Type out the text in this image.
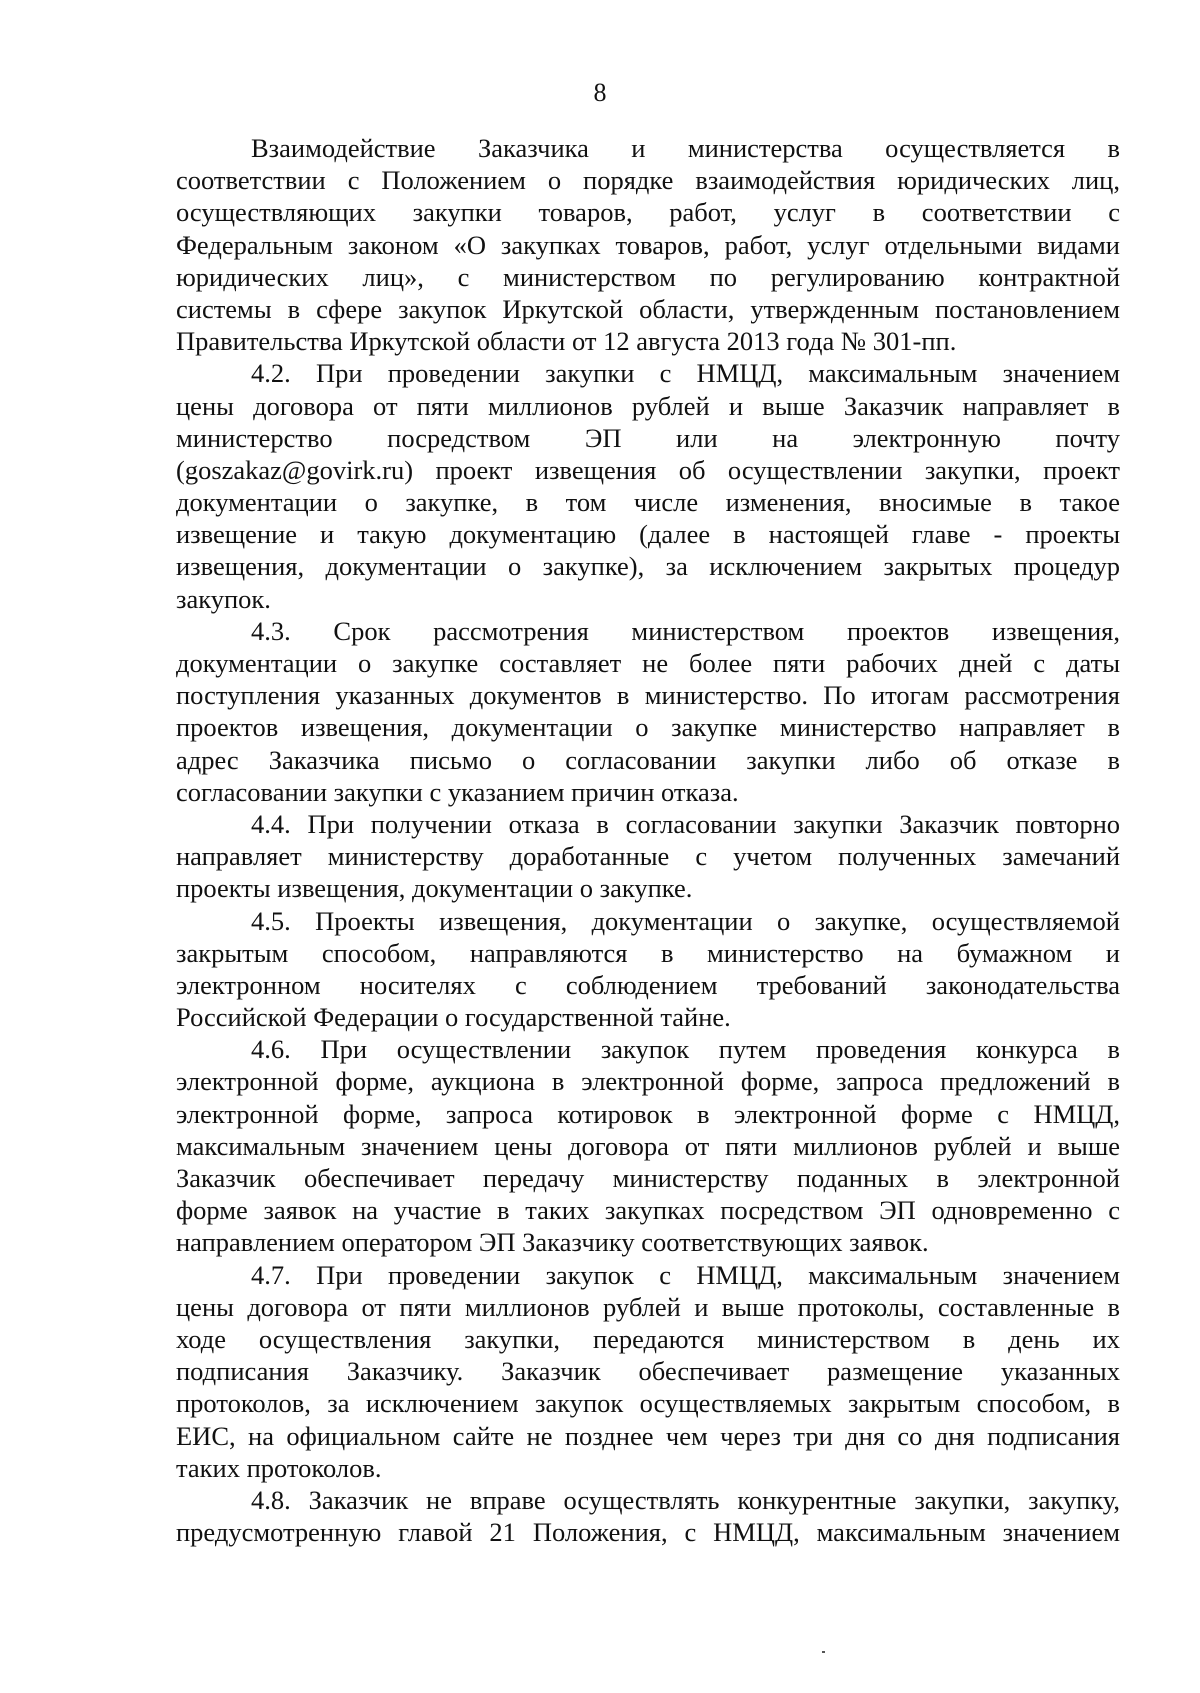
8
Взаимодействие Заказчика и министерства осуществляется в
соответствии с Положением о порядке взаимодействия юридических лиц,
осуществляющих закупки товаров, работ, услуг в соответствии с
Федеральным законом «О закупках товаров, работ, услуг отдельными видами
юридических лиц», с министерством по регулированию контрактной
системы в сфере закупок Иркутской области, утвержденным постановлением
Правительства Иркутской области от 12 августа 2013 года № 301-пп.
4.2. При проведении закупки с НМЦД, максимальным значением
цены договора от пяти миллионов рублей и выше Заказчик направляет в
министерство посредством ЭП или на электронную почту
(goszakaz@govirk.ru) проект извещения об осуществлении закупки, проект
документации о закупке, в том числе изменения, вносимые в такое
извещение и такую документацию (далее в настоящей главе - проекты
извещения, документации о закупке), за исключением закрытых процедур
закупок.
4.3. Срок рассмотрения министерством проектов извещения,
документации о закупке составляет не более пяти рабочих дней с даты
поступления указанных документов в министерство. По итогам рассмотрения
проектов извещения, документации о закупке министерство направляет в
адрес Заказчика письмо о согласовании закупки либо об отказе в
согласовании закупки с указанием причин отказа.
4.4. При получении отказа в согласовании закупки Заказчик повторно
направляет министерству доработанные с учетом полученных замечаний
проекты извещения, документации о закупке.
4.5. Проекты извещения, документации о закупке, осуществляемой
закрытым способом, направляются в министерство на бумажном и
электронном носителях с соблюдением требований законодательства
Российской Федерации о государственной тайне.
4.6. При осуществлении закупок путем проведения конкурса в
электронной форме, аукциона в электронной форме, запроса предложений в
электронной форме, запроса котировок в электронной форме с НМЦД,
максимальным значением цены договора от пяти миллионов рублей и выше
Заказчик обеспечивает передачу министерству поданных в электронной
форме заявок на участие в таких закупках посредством ЭП одновременно с
направлением оператором ЭП Заказчику соответствующих заявок.
4.7. При проведении закупок с НМЦД, максимальным значением
цены договора от пяти миллионов рублей и выше протоколы, составленные в
ходе осуществления закупки, передаются министерством в день их
подписания Заказчику. Заказчик обеспечивает размещение указанных
протоколов, за исключением закупок осуществляемых закрытым способом, в
ЕИС, на официальном сайте не позднее чем через три дня со дня подписания
таких протоколов.
4.8. Заказчик не вправе осуществлять конкурентные закупки, закупку,
предусмотренную главой 21 Положения, с НМЦД, максимальным значением
